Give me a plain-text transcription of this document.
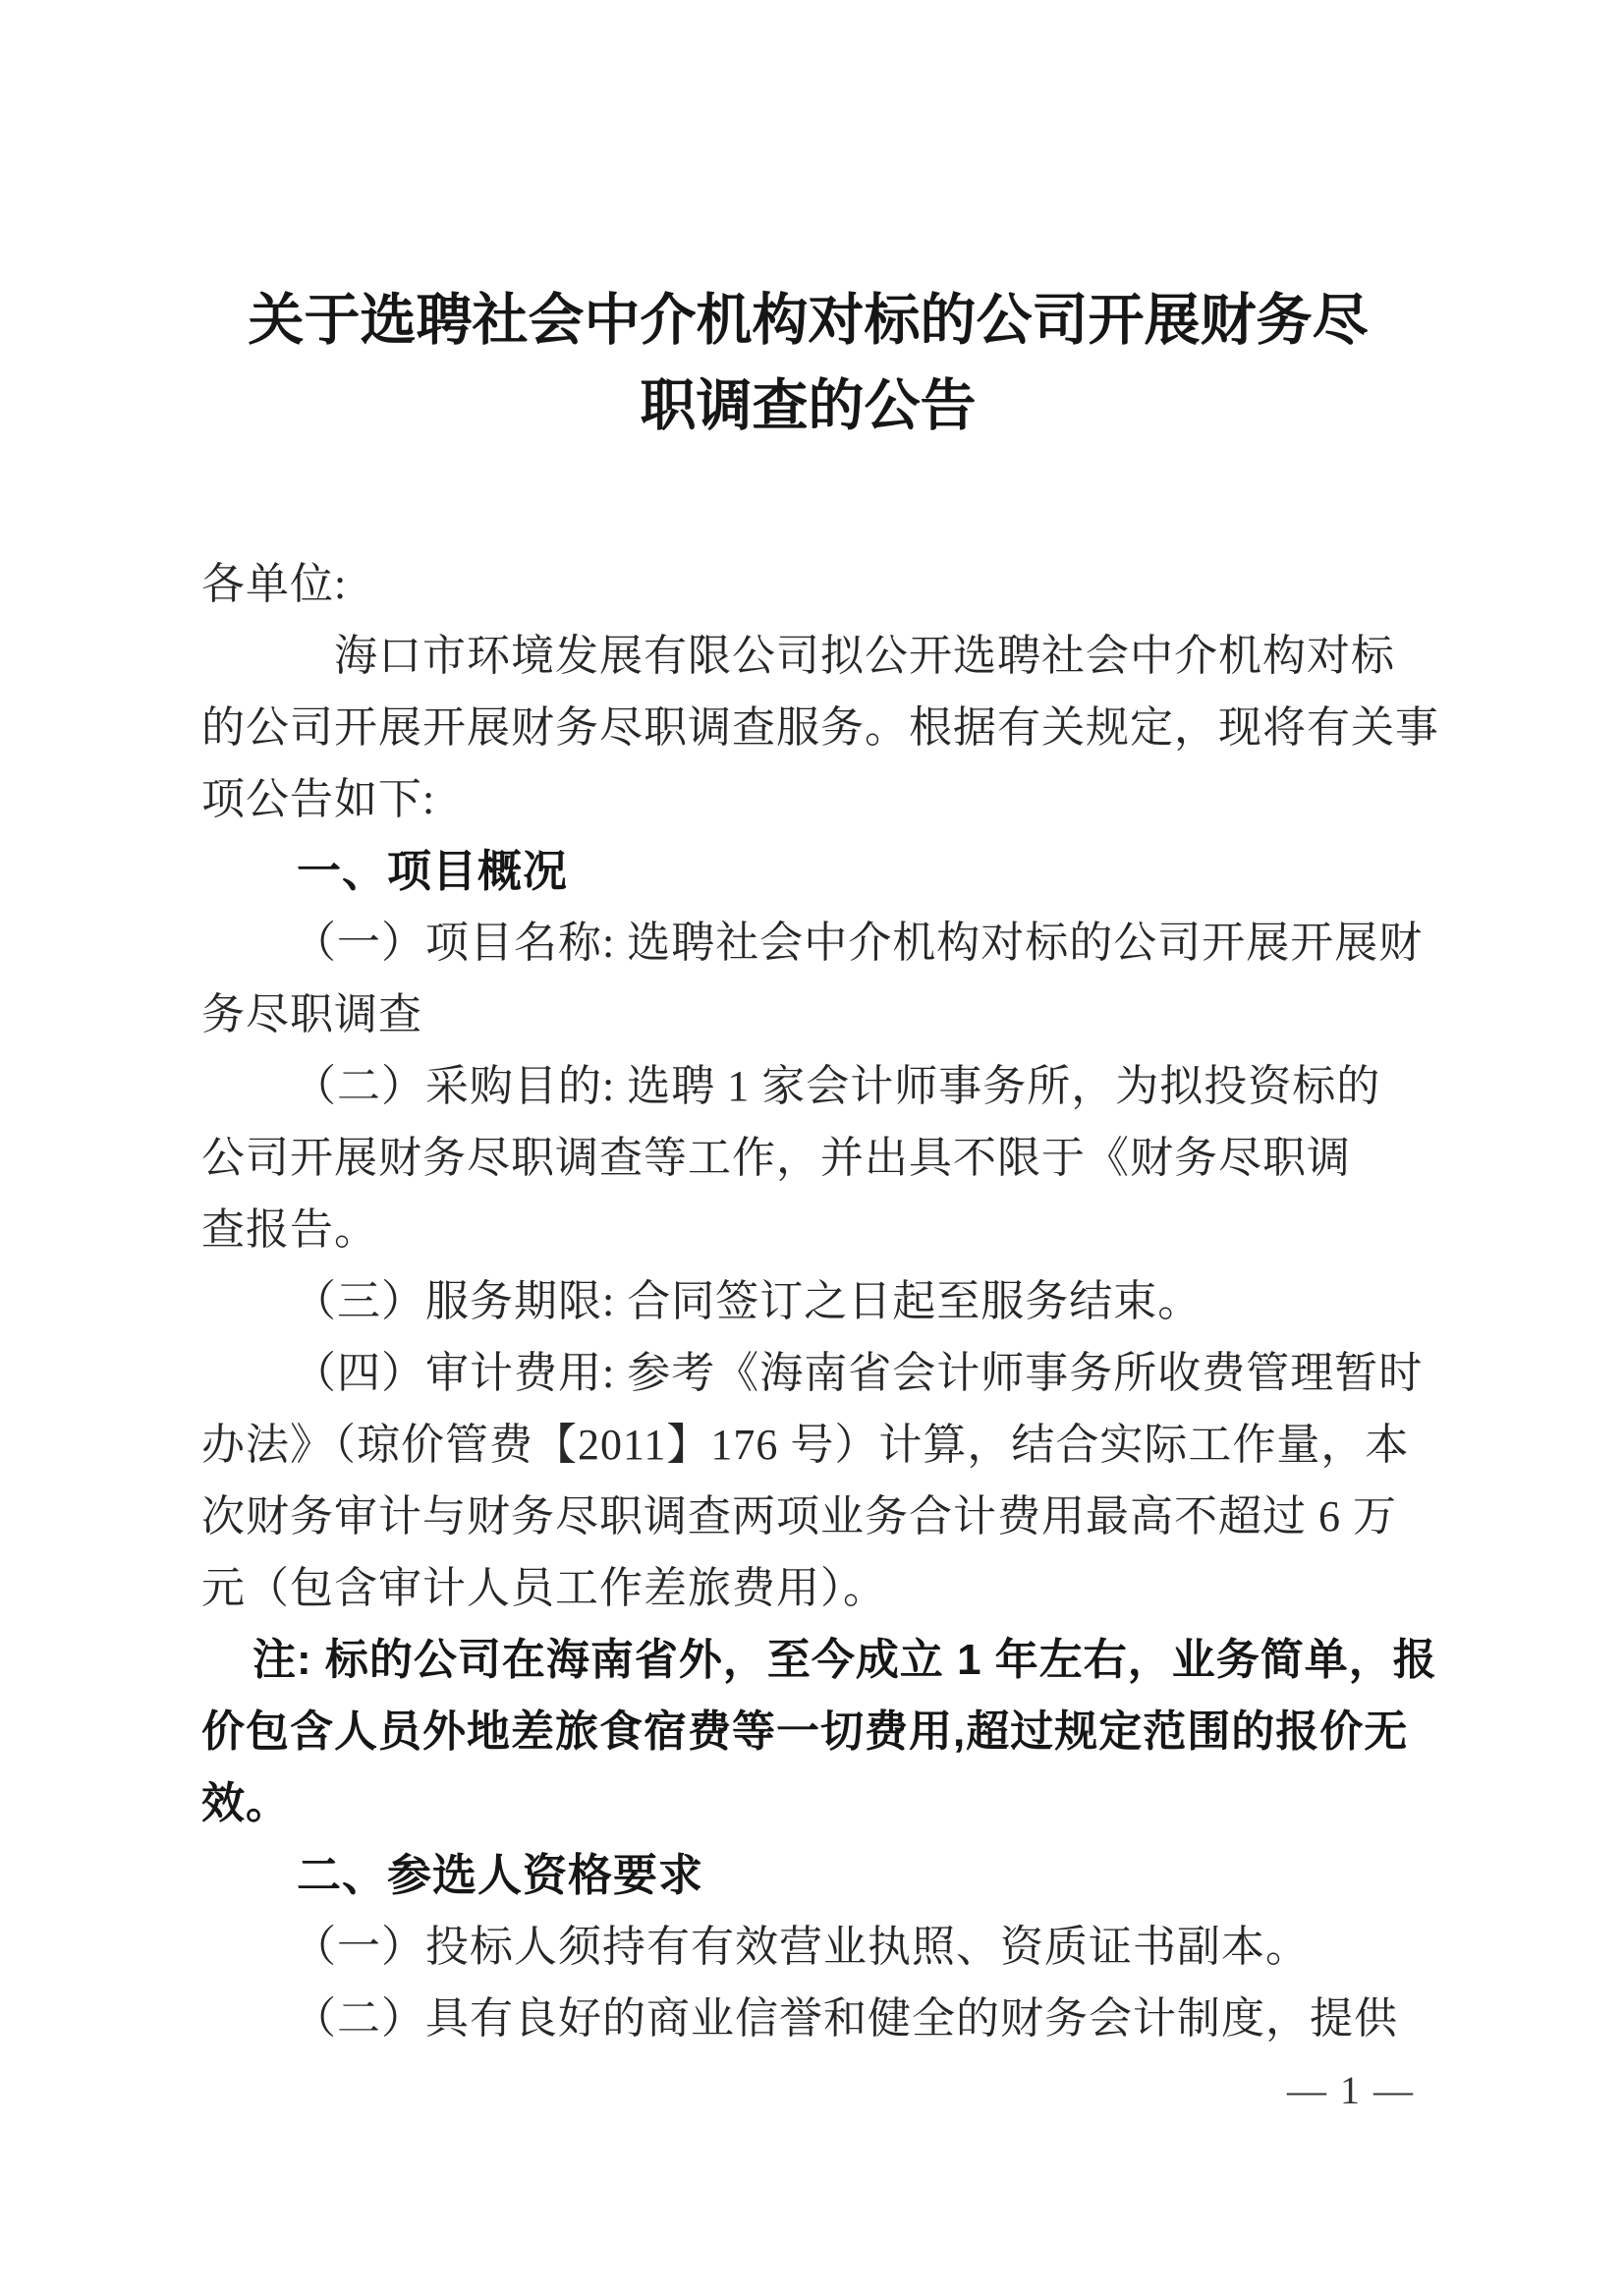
关于选聘社会中介机构对标的公司开展财务尽
职调查的公告
各单位:
海口市环境发展有限公司拟公开选聘社会中介机构对标
的公司开展开展财务尽职调查服务。根据有关规定，现将有关事
项公告如下:
一、项目概况
（一）项目名称: 选聘社会中介机构对标的公司开展开展财
务尽职调查
（二）采购目的: 选聘 1 家会计师事务所，为拟投资标的
公司开展财务尽职调查等工作，并出具不限于《财务尽职调
查报告。
（三）服务期限: 合同签订之日起至服务结束。
（四）审计费用: 参考《海南省会计师事务所收费管理暂时
办法》（琼价管费【2011】176 号）计算，结合实际工作量，本
次财务审计与财务尽职调查两项业务合计费用最高不超过 6 万
元（包含审计人员工作差旅费用）。
注: 标的公司在海南省外，至今成立 1 年左右，业务简单，报
价包含人员外地差旅食宿费等一切费用,超过规定范围的报价无
效。
二、参选人资格要求
（一）投标人须持有有效营业执照、资质证书副本。
（二）具有良好的商业信誉和健全的财务会计制度，提供
— 1 —
